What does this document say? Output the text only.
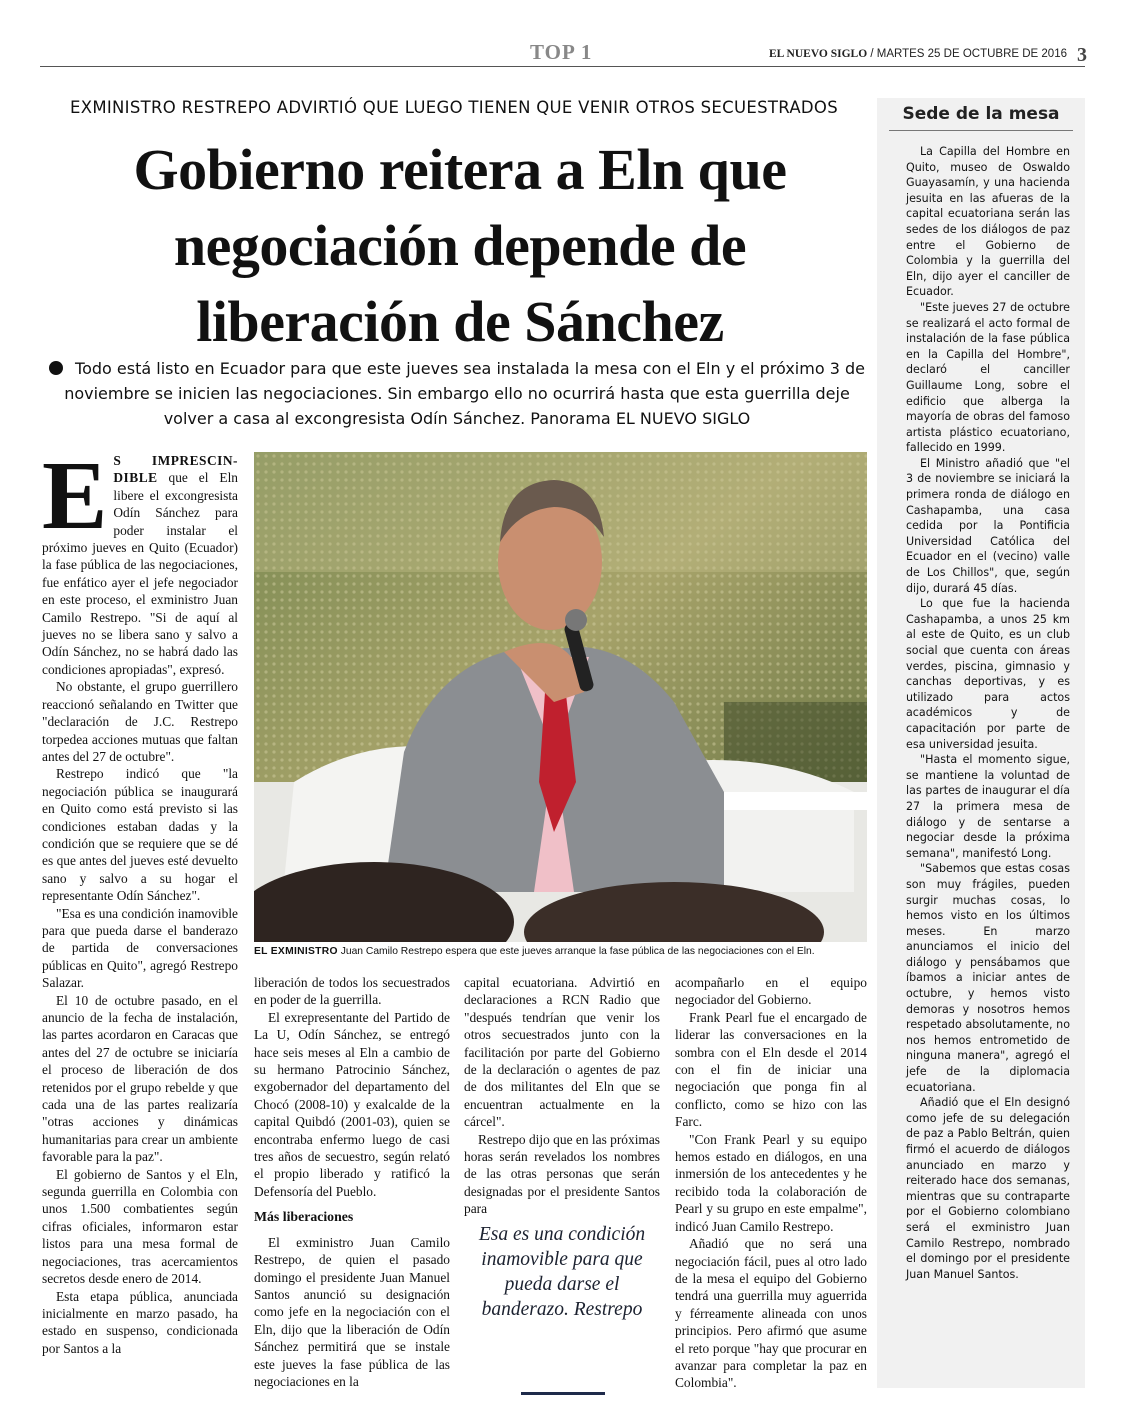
TOP 1	EL NUEVO SIGLO / MARTES 25 DE OCTUBRE DE 2016 3
EXMINISTRO RESTREPO ADVIRTIÓ QUE LUEGO TIENEN QUE VENIR OTROS SECUESTRADOS
Gobierno reitera a Eln que
negociación depende de
liberación de Sánchez
Todo está listo en Ecuador para que este jueves sea instalada la mesa con el Eln y el próximo 3 de noviembre se inicien las negociaciones. Sin embargo ello no ocurrirá hasta que esta guerrilla deje volver a casa al excongresista Odín Sánchez. Panorama EL NUEVO SIGLO

E S IMPRESCIN-DIBLE que el Eln libere el excongresista Odín Sánchez para poder instalar el próximo jueves en Quito (Ecuador) la fase pública de las negociaciones, fue enfático ayer el jefe negociador en este proceso, el exministro Juan Camilo Restrepo. "Si de aquí al jueves no se libera sano y salvo a Odín Sánchez, no se habrá dado las condiciones apropiadas", expresó.

No obstante, el grupo guerrillero reaccionó señalando en Twitter que "declaración de J.C. Restrepo torpedea acciones mutuas que faltan antes del 27 de octubre".

Restrepo indicó que "la negociación pública se inaugurará en Quito como está previsto si las condiciones estaban dadas y la condición que se requiere que se dé es que antes del jueves esté devuelto sano y salvo a su hogar el representante Odín Sánchez".

"Esa es una condición inamovible para que pueda darse el banderazo de partida de conversaciones públicas en Quito", agregó Restrepo Salazar.

El 10 de octubre pasado, en el anuncio de la fecha de instalación, las partes acordaron en Caracas que antes del 27 de octubre se iniciaría el proceso de liberación de dos retenidos por el grupo rebelde y que cada una de las partes realizaría "otras acciones y dinámicas humanitarias para crear un ambiente favorable para la paz".

El gobierno de Santos y el Eln, segunda guerrilla en Colombia con unos 1.500 combatientes según cifras oficiales, informaron estar listos para una mesa formal de negociaciones, tras acercamientos secretos desde enero de 2014.

Esta etapa pública, anunciada inicialmente en marzo pasado, ha estado en suspenso, condicionada por Santos a la

EL EXMINISTRO Juan Camilo Restrepo espera que este jueves arranque la fase pública de las negociaciones con el Eln.

liberación de todos los secuestrados en poder de la guerrilla.

El exrepresentante del Partido de La U, Odín Sánchez, se entregó hace seis meses al Eln a cambio de su hermano Patrocinio Sánchez, exgobernador del departamento del Chocó (2008-10) y exalcalde de la capital Quibdó (2001-03), quien se encontraba enfermo luego de casi tres años de secuestro, según relató el propio liberado y ratificó la Defensoría del Pueblo.

Más liberaciones

El exministro Juan Camilo Restrepo, de quien el pasado domingo el presidente Juan Manuel Santos anunció su designación como jefe en la negociación con el Eln, dijo que la liberación de Odín Sánchez permitirá que se instale este jueves la fase pública de las negociaciones en la

capital ecuatoriana. Advirtió en declaraciones a RCN Radio que "después tendrían que venir los otros secuestrados junto con la facilitación por parte del Gobierno de la declaración o agentes de paz de dos militantes del Eln que se encuentran actualmente en la cárcel".

Restrepo dijo que en las próximas horas serán revelados los nombres de las otras personas que serán designadas por el presidente Santos para

Esa es una condición inamovible para que pueda darse el banderazo. Restrepo

acompañarlo en el equipo negociador del Gobierno.

Frank Pearl fue el encargado de liderar las conversaciones en la sombra con el Eln desde el 2014 con el fin de iniciar una negociación que ponga fin al conflicto, como se hizo con las Farc.

"Con Frank Pearl y su equipo hemos estado en diálogos, en una inmersión de los antecedentes y he recibido toda la colaboración de Pearl y su grupo en este empalme", indicó Juan Camilo Restrepo.

Añadió que no será una negociación fácil, pues al otro lado de la mesa el equipo del Gobierno tendrá una guerrilla muy aguerrida y férreamente alineada con unos principios. Pero afirmó que asume el reto porque "hay que procurar en avanzar para completar la paz en Colombia".

Sede de la mesa

La Capilla del Hombre en Quito, museo de Oswaldo Guayasamín, y una hacienda jesuita en las afueras de la capital ecuatoriana serán las sedes de los diálogos de paz entre el Gobierno de Colombia y la guerrilla del Eln, dijo ayer el canciller de Ecuador.

"Este jueves 27 de octubre se realizará el acto formal de instalación de la fase pública en la Capilla del Hombre", declaró el canciller Guillaume Long, sobre el edificio que alberga la mayoría de obras del famoso artista plástico ecuatoriano, fallecido en 1999.

El Ministro añadió que "el 3 de noviembre se iniciará la primera ronda de diálogo en Cashapamba, una casa cedida por la Pontificia Universidad Católica del Ecuador en el (vecino) valle de Los Chillos", que, según dijo, durará 45 días.

Lo que fue la hacienda Cashapamba, a unos 25 km al este de Quito, es un club social que cuenta con áreas verdes, piscina, gimnasio y canchas deportivas, y es utilizado para actos académicos y de capacitación por parte de esa universidad jesuita.

"Hasta el momento sigue, se mantiene la voluntad de las partes de inaugurar el día 27 la primera mesa de diálogo y de sentarse a negociar desde la próxima semana", manifestó Long.

"Sabemos que estas cosas son muy frágiles, pueden surgir muchas cosas, lo hemos visto en los últimos meses. En marzo anunciamos el inicio del diálogo y pensábamos que íbamos a iniciar antes de octubre, y hemos visto demoras y nosotros hemos respetado absolutamente, no nos hemos entrometido de ninguna manera", agregó el jefe de la diplomacia ecuatoriana.

Añadió que el Eln designó como jefe de su delegación de paz a Pablo Beltrán, quien firmó el acuerdo de diálogos anunciado en marzo y reiterado hace dos semanas, mientras que su contraparte por el Gobierno colombiano será el exministro Juan Camilo Restrepo, nombrado el domingo por el presidente Juan Manuel Santos.
